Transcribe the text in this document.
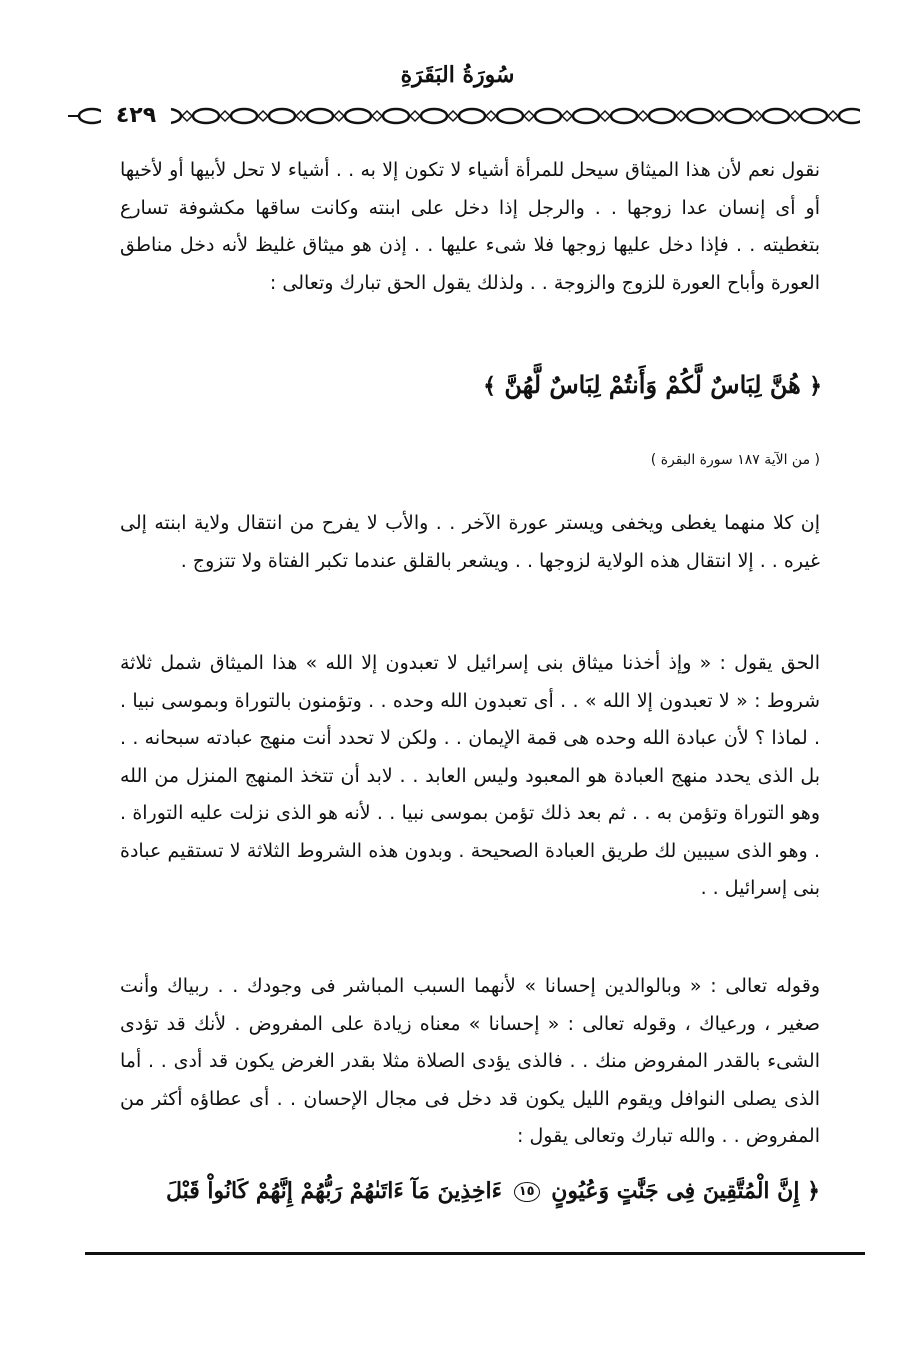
سُورَةُ البَقَرَةِ
٤٢٩

نقول نعم لأن هذا الميثاق سيحل للمرأة أشياء لا تكون إلا به . . أشياء لا تحل لأبيها أو لأخيها أو أى إنسان عدا زوجها . . والرجل إذا دخل على ابنته وكانت ساقها مكشوفة تسارع بتغطيته . . فإذا دخل عليها زوجها فلا شىء عليها . . إذن هو ميثاق غليظ لأنه دخل مناطق العورة وأباح العورة للزوج والزوجة . . ولذلك يقول الحق تبارك وتعالى :

﴿ هُنَّ لِبَاسٌ لَّكُمْ وَأَنتُمْ لِبَاسٌ لَّهُنَّ ﴾
( من الآية ١٨٧ سورة البقرة )

إن كلا منهما يغطى ويخفى ويستر عورة الآخر . . والأب لا يفرح من انتقال ولاية ابنته إلى غيره . . إلا انتقال هذه الولاية لزوجها . . ويشعر بالقلق عندما تكبر الفتاة ولا تتزوج .

الحق يقول : « وإذ أخذنا ميثاق بنى إسرائيل لا تعبدون إلا الله » هذا الميثاق شمل ثلاثة شروط : « لا تعبدون إلا الله » . . أى تعبدون الله وحده . . وتؤمنون بالتوراة وبموسى نبيا . . لماذا ؟ لأن عبادة الله وحده هى قمة الإيمان . . ولكن لا تحدد أنت منهج عبادته سبحانه . . بل الذى يحدد منهج العبادة هو المعبود وليس العابد . . لابد أن تتخذ المنهج المنزل من الله وهو التوراة وتؤمن به . . ثم بعد ذلك تؤمن بموسى نبيا . . لأنه هو الذى نزلت عليه التوراة . . وهو الذى سيبين لك طريق العبادة الصحيحة . وبدون هذه الشروط الثلاثة لا تستقيم عبادة بنى إسرائيل . .

وقوله تعالى : « وبالوالدين إحسانا » لأنهما السبب المباشر فى وجودك . . ربياك وأنت صغير ، ورعياك ، وقوله تعالى : « إحسانا » معناه زيادة على المفروض . لأنك قد تؤدى الشىء بالقدر المفروض منك . . فالذى يؤدى الصلاة مثلا بقدر الغرض يكون قد أدى . . أما الذى يصلى النوافل ويقوم الليل يكون قد دخل فى مجال الإحسان . . أى عطاؤه أكثر من المفروض . . والله تبارك وتعالى يقول :

﴿ إِنَّ الْمُتَّقِينَ فِى جَنَّٰتٍ وَعُيُونٍ ١٥ ءَاخِذِينَ مَآ ءَاتَىٰهُمْ رَبُّهُمْ إِنَّهُمْ كَانُواْ قَبْلَ
